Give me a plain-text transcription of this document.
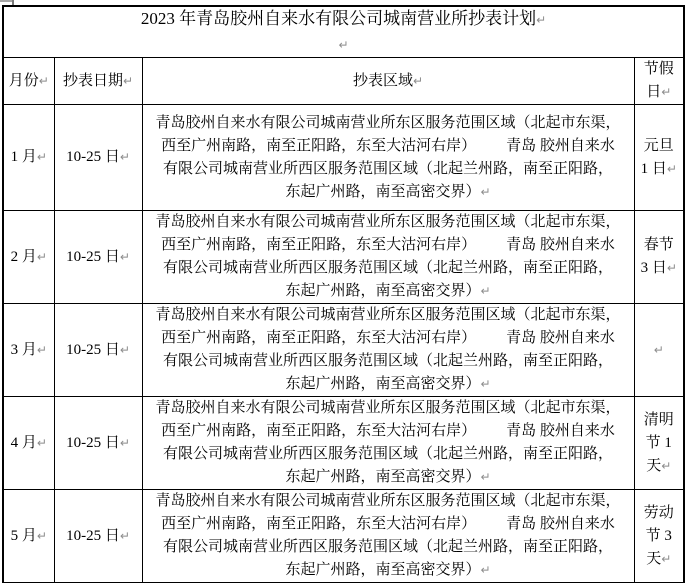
2023 年青岛胶州自来水有限公司城南营业所抄表计划↵
↵			

月份↵	抄表日期↵	抄表区域↵	节假
日↵
1 月↵	10-25 日↵	青岛胶州自来水有限公司城南营业所东区服务范围区域（北起市东渠，
西至广州南路，南至正阳路，东至大沽河右岸）        青岛 胶州自来水
有限公司城南营业所西区服务范围区域（北起兰州路，南至正阳路，
东起广州路，南至高密交界）↵	元旦
1 日↵
2 月↵	10-25 日↵	青岛胶州自来水有限公司城南营业所东区服务范围区域（北起市东渠，
西至广州南路，南至正阳路，东至大沽河右岸）        青岛 胶州自来水
有限公司城南营业所西区服务范围区域（北起兰州路，南至正阳路，
东起广州路，南至高密交界）↵	春节
3 日↵
3 月↵	10-25 日↵	青岛胶州自来水有限公司城南营业所东区服务范围区域（北起市东渠，
西至广州南路，南至正阳路，东至大沽河右岸）        青岛 胶州自来水
有限公司城南营业所西区服务范围区域（北起兰州路，南至正阳路，
东起广州路，南至高密交界）↵	↵
4 月↵	10-25 日↵	青岛胶州自来水有限公司城南营业所东区服务范围区域（北起市东渠，
西至广州南路，南至正阳路，东至大沽河右岸）        青岛 胶州自来水
有限公司城南营业所西区服务范围区域（北起兰州路，南至正阳路，
东起广州路，南至高密交界）↵	清明
节 1
天↵
5 月↵	10-25 日↵	青岛胶州自来水有限公司城南营业所东区服务范围区域（北起市东渠，
西至广州南路，南至正阳路，东至大沽河右岸）        青岛 胶州自来水
有限公司城南营业所西区服务范围区域（北起兰州路，南至正阳路，
东起广州路，南至高密交界）↵	劳动
节 3
天↵
